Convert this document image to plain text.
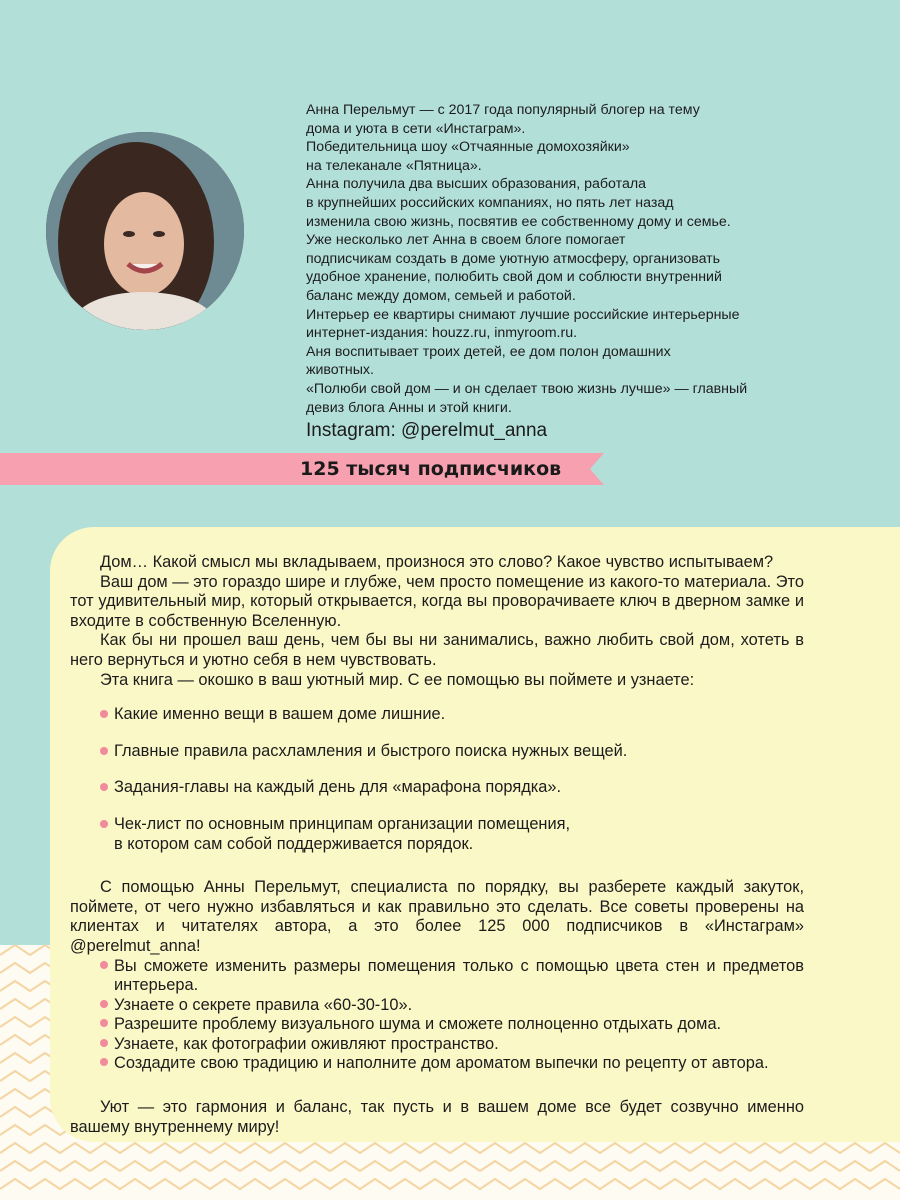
Анна Перельмут — с 2017 года популярный блогер на тему
дома и уюта в сети «Инстаграм».

Победительница шоу «Отчаянные домохозяйки»
на телеканале «Пятница».

Анна получила два высших образования, работала
в крупнейших российских компаниях, но пять лет назад
изменила свою жизнь, посвятив ее собственному дому и семье.

Уже несколько лет Анна в своем блоге помогает
подписчикам создать в доме уютную атмосферу, организовать
удобное хранение, полюбить свой дом и соблюсти внутренний
баланс между домом, семьей и работой.

Интерьер ее квартиры снимают лучшие российские интерьерные
интернет-издания: houzz.ru, inmyroom.ru.

Аня воспитывает троих детей, ее дом полон домашних
животных.

«Полюби свой дом — и он сделает твою жизнь лучше» — главный
девиз блога Анны и этой книги.

Instagram: @perelmut_anna
125 тысяч подписчиков

Дом… Какой смысл мы вкладываем, произнося это слово? Какое чувство испытываем?

Ваш дом — это гораздо шире и глубже, чем просто помещение из какого-то материала. Это тот удивительный мир, который открывается, когда вы проворачиваете ключ в дверном замке и входите в собственную Вселенную.

Как бы ни прошел ваш день, чем бы вы ни занимались, важно любить свой дом, хотеть в него вернуться и уютно себя в нем чувствовать.

Эта книга — окошко в ваш уютный мир. С ее помощью вы поймете и узнаете:

Какие именно вещи в вашем доме лишние.
Главные правила расхламления и быстрого поиска нужных вещей.
Задания-главы на каждый день для «марафона порядка».
Чек-лист по основным принципам организации помещения,
в котором сам собой поддерживается порядок.

С помощью Анны Перельмут, специалиста по порядку, вы разберете каждый закуток, поймете, от чего нужно избавляться и как правильно это сделать. Все советы проверены на клиентах и читателях автора, а это более 125 000 подписчиков в «Инстаграм» @perelmut_anna!

Вы сможете изменить размеры помещения только с помощью цвета стен и предметов интерьера.
Узнаете о секрете правила «60-30-10».
Разрешите проблему визуального шума и сможете полноценно отдыхать дома.
Узнаете, как фотографии оживляют пространство.
Создадите свою традицию и наполните дом ароматом выпечки по рецепту от автора.

Уют — это гармония и баланс, так пусть и в вашем доме все будет созвучно именно вашему внутреннему миру!
